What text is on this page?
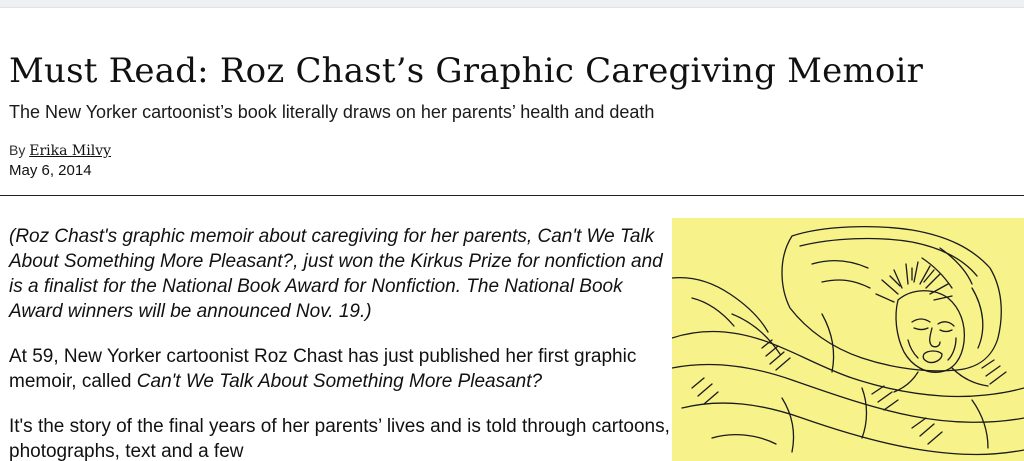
Must Read: Roz Chast’s Graphic Caregiving Memoir

The New Yorker cartoonist’s book literally draws on her parents’ health and death

By Erika Milvy
May 6, 2014

(Roz Chast's graphic memoir about caregiving for her parents, Can't We Talk About Something More Pleasant?, just won the Kirkus Prize for nonfiction and is a finalist for the National Book Award for Nonfiction. The National Book Award winners will be announced Nov. 19.)

At 59, New Yorker cartoonist Roz Chast has just published her first graphic memoir, called Can't We Talk About Something More Pleasant?

It's the story of the final years of her parents’ lives and is told through cartoons, photographs, text and a few
